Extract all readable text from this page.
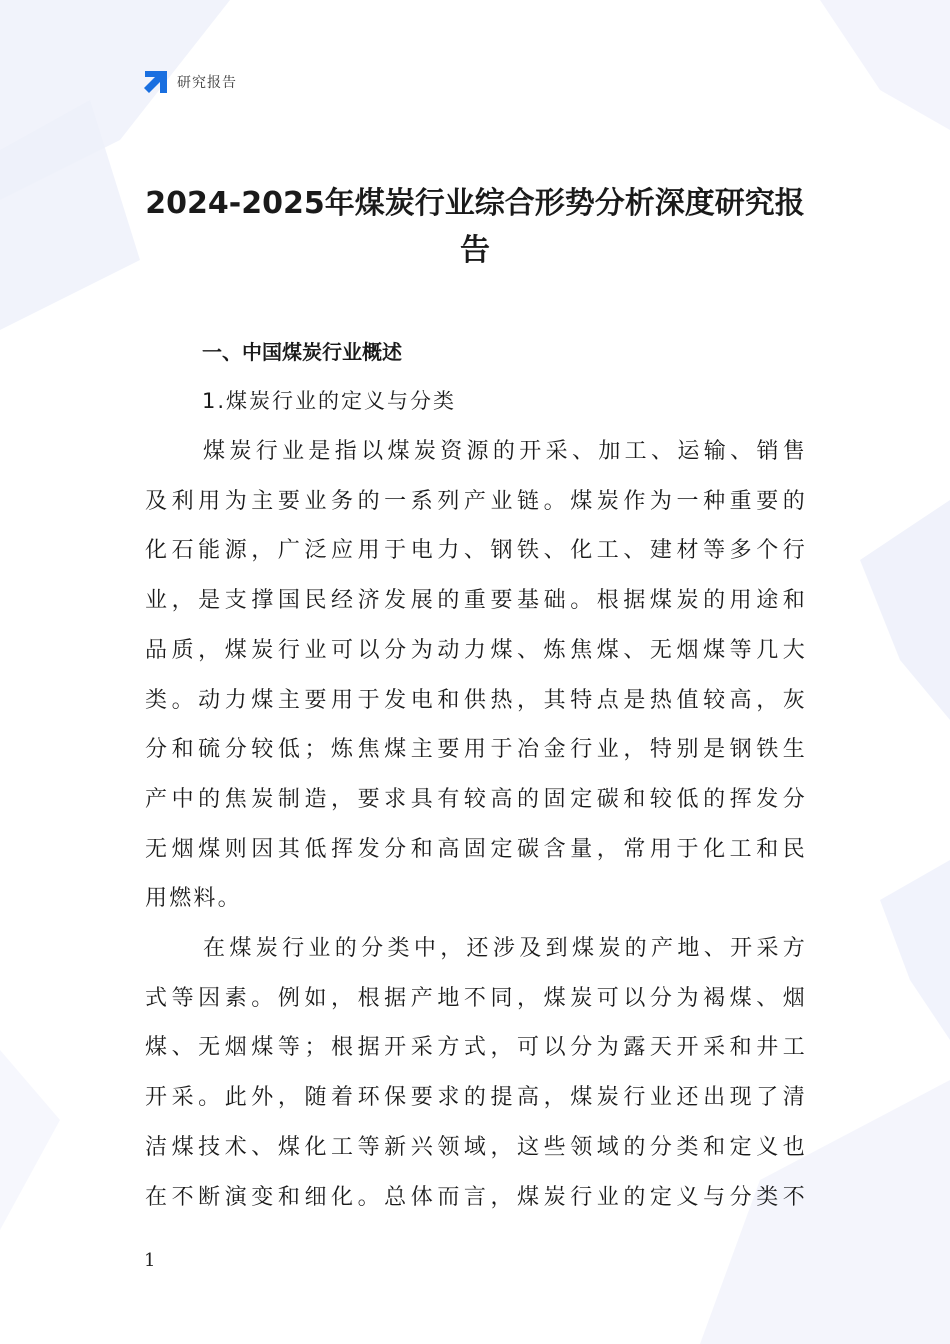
研究报告
2024-2025年煤炭行业综合形势分析深度研究报
告
一、中国煤炭行业概述
1.煤炭行业的定义与分类
煤炭行业是指以煤炭资源的开采、加工、运输、销售
及利用为主要业务的一系列产业链。煤炭作为一种重要的
化石能源，广泛应用于电力、钢铁、化工、建材等多个行
业，是支撑国民经济发展的重要基础。根据煤炭的用途和
品质，煤炭行业可以分为动力煤、炼焦煤、无烟煤等几大
类。动力煤主要用于发电和供热，其特点是热值较高，灰
分和硫分较低；炼焦煤主要用于冶金行业，特别是钢铁生
产中的焦炭制造，要求具有较高的固定碳和较低的挥发分
无烟煤则因其低挥发分和高固定碳含量，常用于化工和民
用燃料。
在煤炭行业的分类中，还涉及到煤炭的产地、开采方
式等因素。例如，根据产地不同，煤炭可以分为褐煤、烟
煤、无烟煤等；根据开采方式，可以分为露天开采和井工
开采。此外，随着环保要求的提高，煤炭行业还出现了清
洁煤技术、煤化工等新兴领域，这些领域的分类和定义也
在不断演变和细化。总体而言，煤炭行业的定义与分类不
1
